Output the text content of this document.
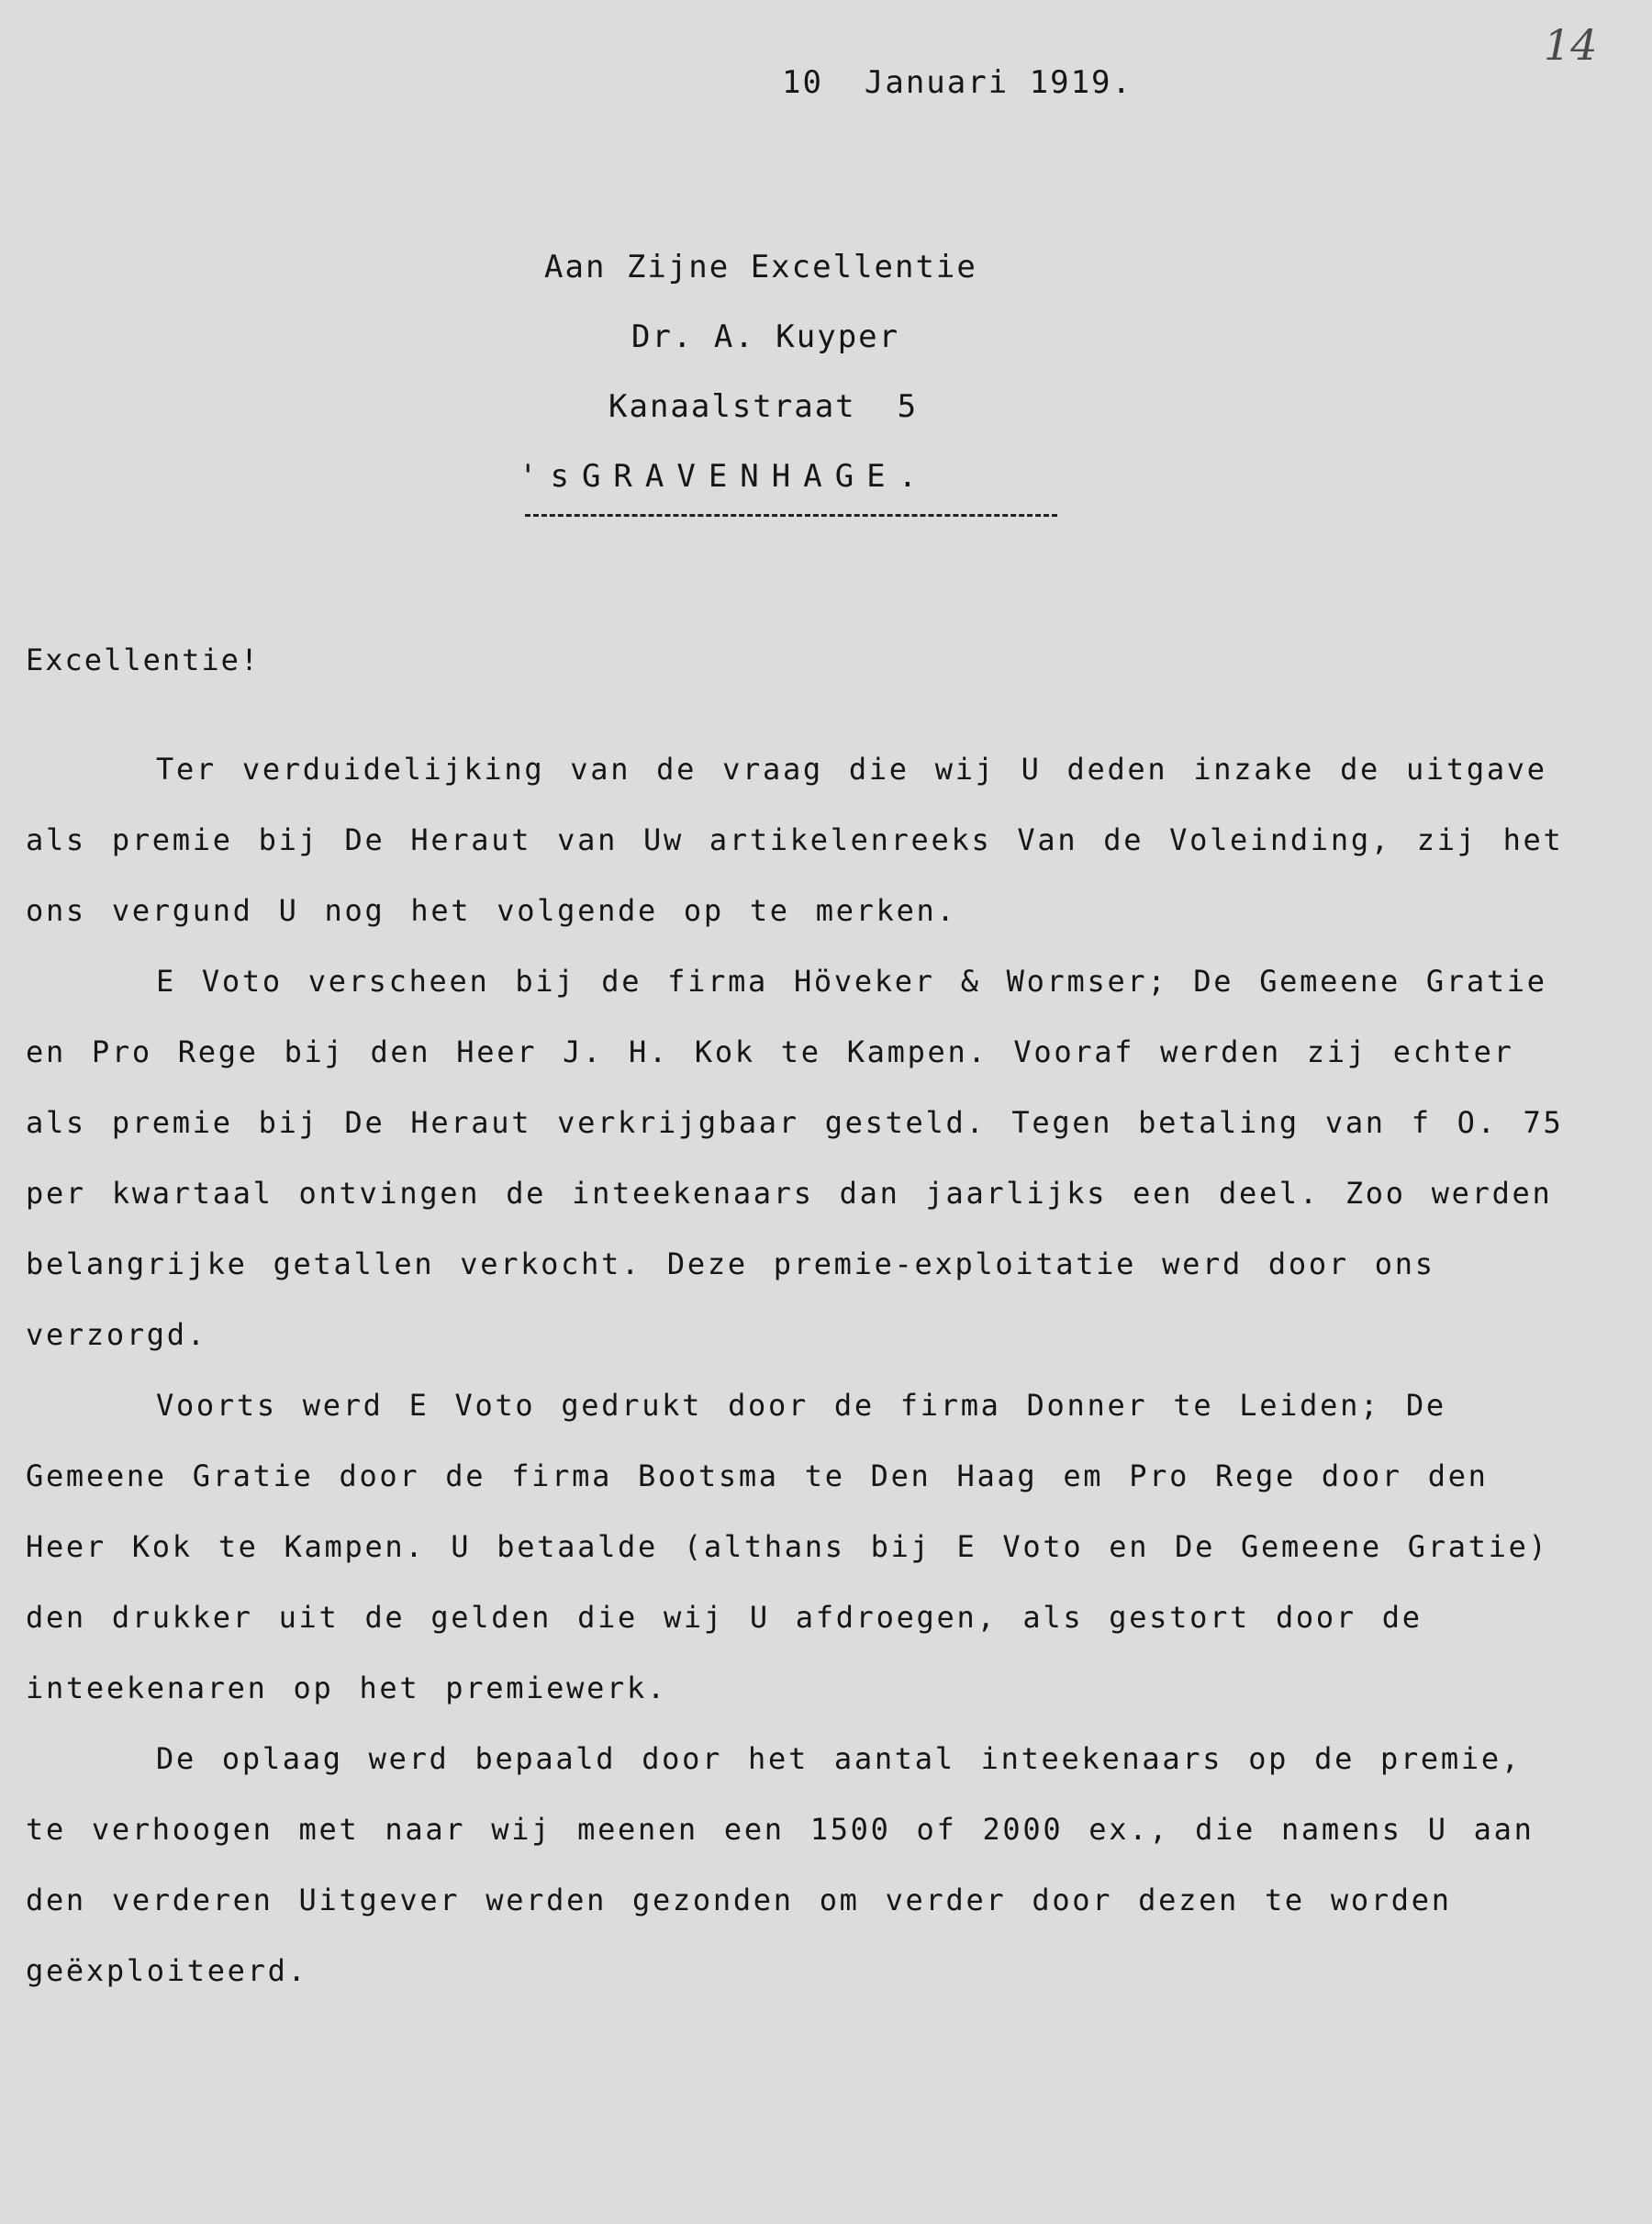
14
10  Januari 1919.
Aan Zijne Excellentie
Dr. A. Kuyper
Kanaalstraat  5
'sGRAVENHAGE.
Excellentie!

Ter verduidelijking van de vraag die wij U deden inzake de uitgave als premie bij De Heraut van Uw artikelenreeks Van de Voleinding, zij het ons vergund U nog het volgende op te merken.

E Voto verscheen bij de firma Höveker & Wormser; De Gemeene Gratie en Pro Rege bij den Heer J. H. Kok te Kampen. Vooraf werden zij echter als premie bij De Heraut verkrijgbaar gesteld. Tegen betaling van f O. 75 per kwartaal ontvingen de inteekenaars dan jaarlijks een deel. Zoo werden belangrijke getallen verkocht. Deze premie-exploitatie werd door ons verzorgd.

Voorts werd E Voto gedrukt door de firma Donner te Leiden; De Gemeene Gratie door de firma Bootsma te Den Haag em Pro Rege door den Heer Kok te Kampen. U betaalde (althans bij E Voto en De Gemeene Gratie) den drukker uit de gelden die wij U afdroegen, als gestort door de inteekenaren op het premiewerk.

De oplaag werd bepaald door het aantal inteekenaars op de premie, te verhoogen met naar wij meenen een 1500 of 2000 ex., die namens U aan den verderen Uitgever werden gezonden om verder door dezen te worden geëxploiteerd.
